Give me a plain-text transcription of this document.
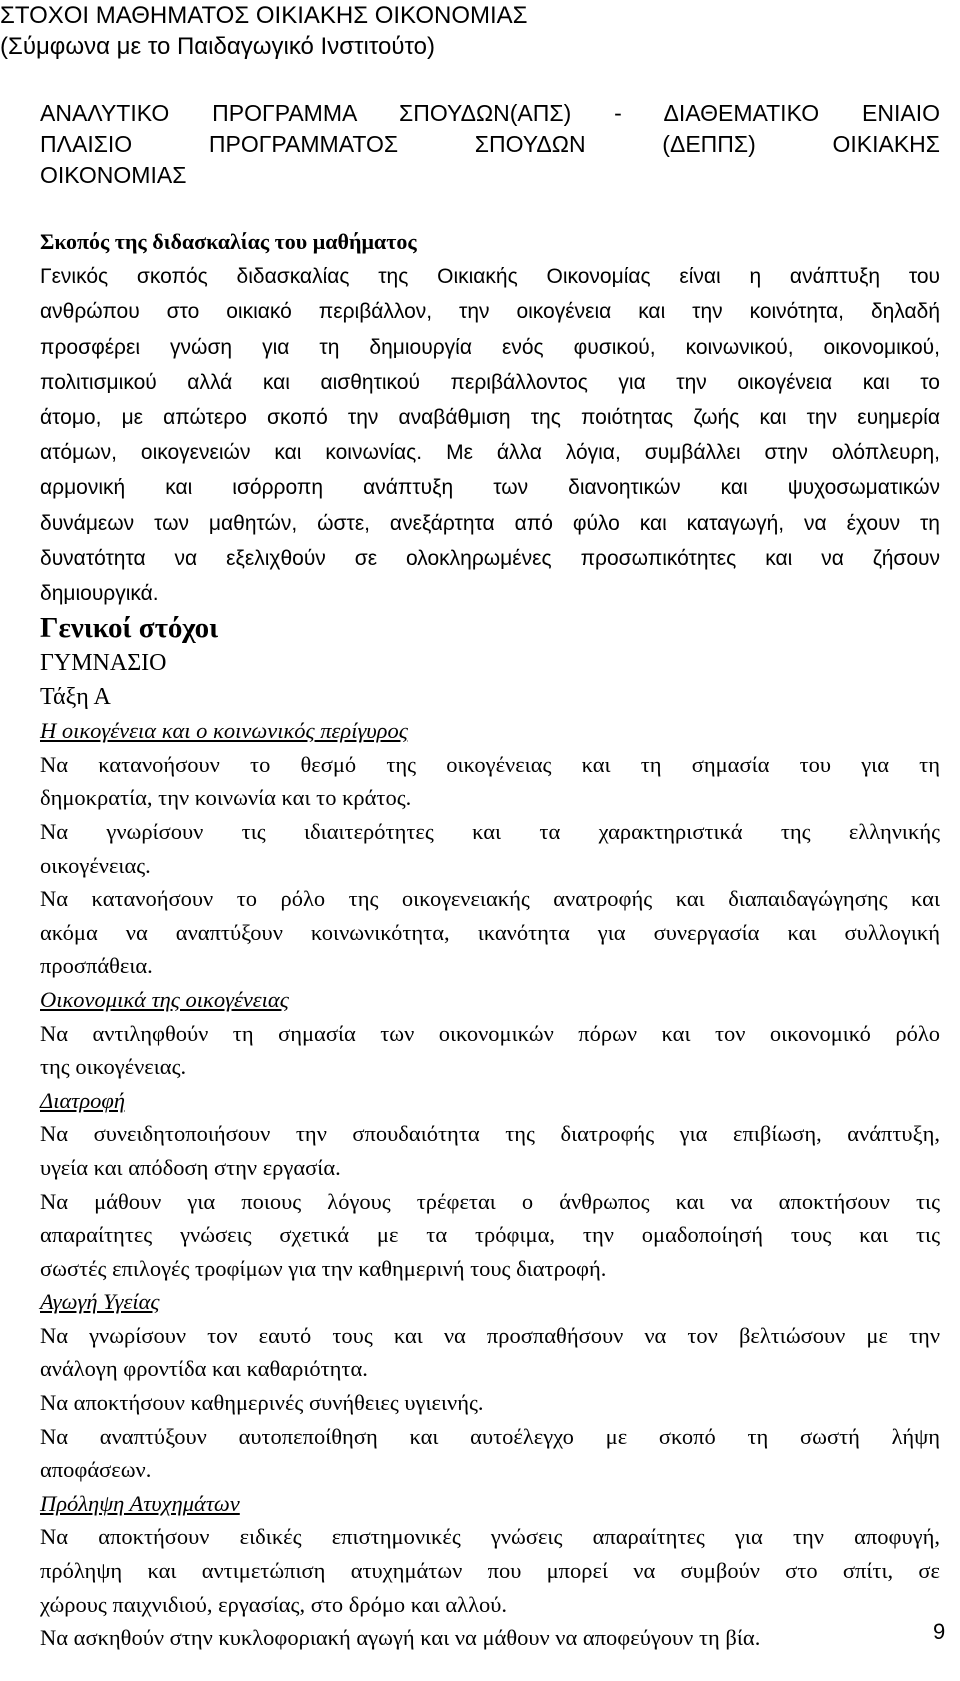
ΣΤΟΧΟΙ ΜΑΘΗΜΑΤΟΣ ΟΙΚΙΑΚΗΣ ΟΙΚΟΝΟΜΙΑΣ
(Σύμφωνα με το Παιδαγωγικό Ινστιτούτο)
ΑΝΑΛΥΤΙΚΟ ΠΡΟΓΡΑΜΜΑ ΣΠΟΥΔΩΝ(ΑΠΣ) - ΔΙΑΘΕΜΑΤΙΚΟ ΕΝΙΑΙΟ
ΠΛΑΙΣΙΟ ΠΡΟΓΡΑΜΜΑΤΟΣ ΣΠΟΥΔΩΝ (ΔΕΠΠΣ) ΟΙΚΙΑΚΗΣ
ΟΙΚΟΝΟΜΙΑΣ
Σκοπός της διδασκαλίας του μαθήματος
Γενικός σκοπός διδασκαλίας της Οικιακής Οικονομίας είναι η ανάπτυξη του
ανθρώπου στο οικιακό περιβάλλον, την οικογένεια και την κοινότητα, δηλαδή
προσφέρει γνώση για τη δημιουργία ενός φυσικού, κοινωνικού, οικονομικού,
πολιτισμικού αλλά και αισθητικού περιβάλλοντος για την οικογένεια και το
άτομο, με απώτερο σκοπό την αναβάθμιση της ποιότητας ζωής και την ευημερία
ατόμων, οικογενειών και κοινωνίας. Με άλλα λόγια, συμβάλλει στην ολόπλευρη,
αρμονική και ισόρροπη ανάπτυξη των διανοητικών και ψυχοσωματικών
δυνάμεων των μαθητών, ώστε, ανεξάρτητα από φύλο και καταγωγή, να έχουν τη
δυνατότητα να εξελιχθούν σε ολοκληρωμένες προσωπικότητες και να ζήσουν
δημιουργικά.
Γενικοί στόχοι
ΓΥΜΝΑΣΙΟ
Τάξη Α
Η οικογένεια και ο κοινωνικός περίγυρος
Να κατανοήσουν το θεσμό της οικογένειας και τη σημασία του για τη
δημοκρατία, την κοινωνία και το κράτος.
Να γνωρίσουν τις ιδιαιτερότητες και τα χαρακτηριστικά της ελληνικής
οικογένειας.
Να κατανοήσουν το ρόλο της οικογενειακής ανατροφής και διαπαιδαγώγησης και
ακόμα να αναπτύξουν κοινωνικότητα, ικανότητα για συνεργασία και συλλογική
προσπάθεια.
Οικονομικά της οικογένειας
Να αντιληφθούν τη σημασία των οικονομικών πόρων και τον οικονομικό ρόλο
της οικογένειας.
Διατροφή
Να συνειδητοποιήσουν την σπουδαιότητα της διατροφής για επιβίωση, ανάπτυξη,
υγεία και απόδοση στην εργασία.
Να μάθουν για ποιους λόγους τρέφεται ο άνθρωπος και να αποκτήσουν τις
απαραίτητες γνώσεις σχετικά με τα τρόφιμα, την ομαδοποίησή τους και τις
σωστές επιλογές τροφίμων για την καθημερινή τους διατροφή.
Αγωγή Υγείας
Να γνωρίσουν τον εαυτό τους και να προσπαθήσουν να τον βελτιώσουν με την
ανάλογη φροντίδα και καθαριότητα.
Να αποκτήσουν καθημερινές συνήθειες υγιεινής.
Να αναπτύξουν αυτοπεποίθηση και αυτοέλεγχο με σκοπό τη σωστή λήψη
αποφάσεων.
Πρόληψη Ατυχημάτων
Να αποκτήσουν ειδικές επιστημονικές γνώσεις απαραίτητες για την αποφυγή,
πρόληψη και αντιμετώπιση ατυχημάτων που μπορεί να συμβούν στο σπίτι, σε
χώρους παιχνιδιού, εργασίας, στο δρόμο και αλλού.
Να ασκηθούν στην κυκλοφοριακή αγωγή και να μάθουν να αποφεύγουν τη βία.	9
